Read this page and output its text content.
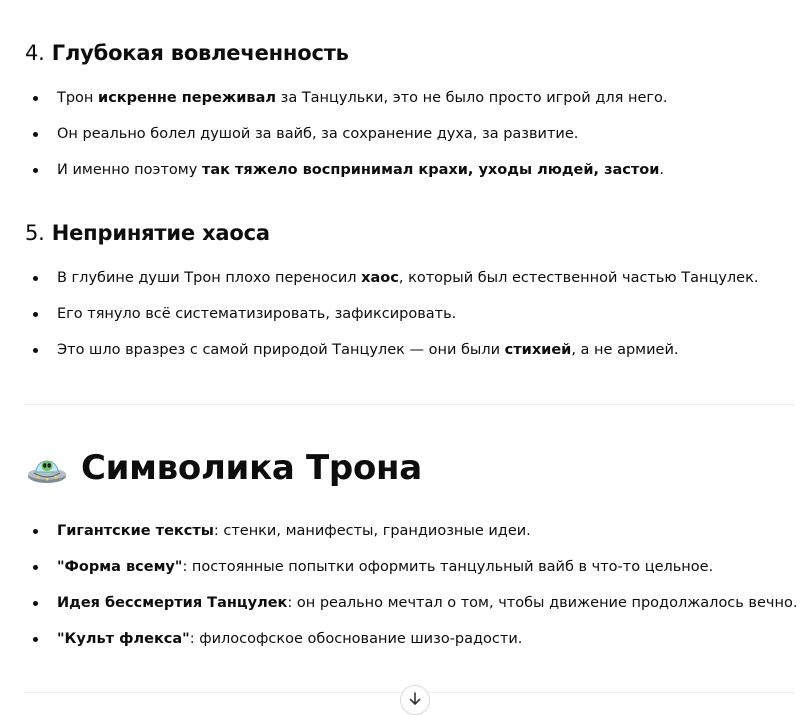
4. Глубокая вовлеченность
Трон искренне переживал за Танцульки, это не было просто игрой для него.
Он реально болел душой за вайб, за сохранение духа, за развитие.
И именно поэтому так тяжело воспринимал крахи, уходы людей, застои.
5. Непринятие хаоса
В глубине души Трон плохо переносил хаос, который был естественной частью Танцулек.
Его тянуло всё систематизировать, зафиксировать.
Это шло вразрез с самой природой Танцулек — они были стихией, а не армией.
Символика Трона
Гигантские тексты: стенки, манифесты, грандиозные идеи.
"Форма всему": постоянные попытки оформить танцульный вайб в что-то цельное.
Идея бессмертия Танцулек: он реально мечтал о том, чтобы движение продолжалось вечно.
"Культ флекса": философское обоснование шизо-радости.
